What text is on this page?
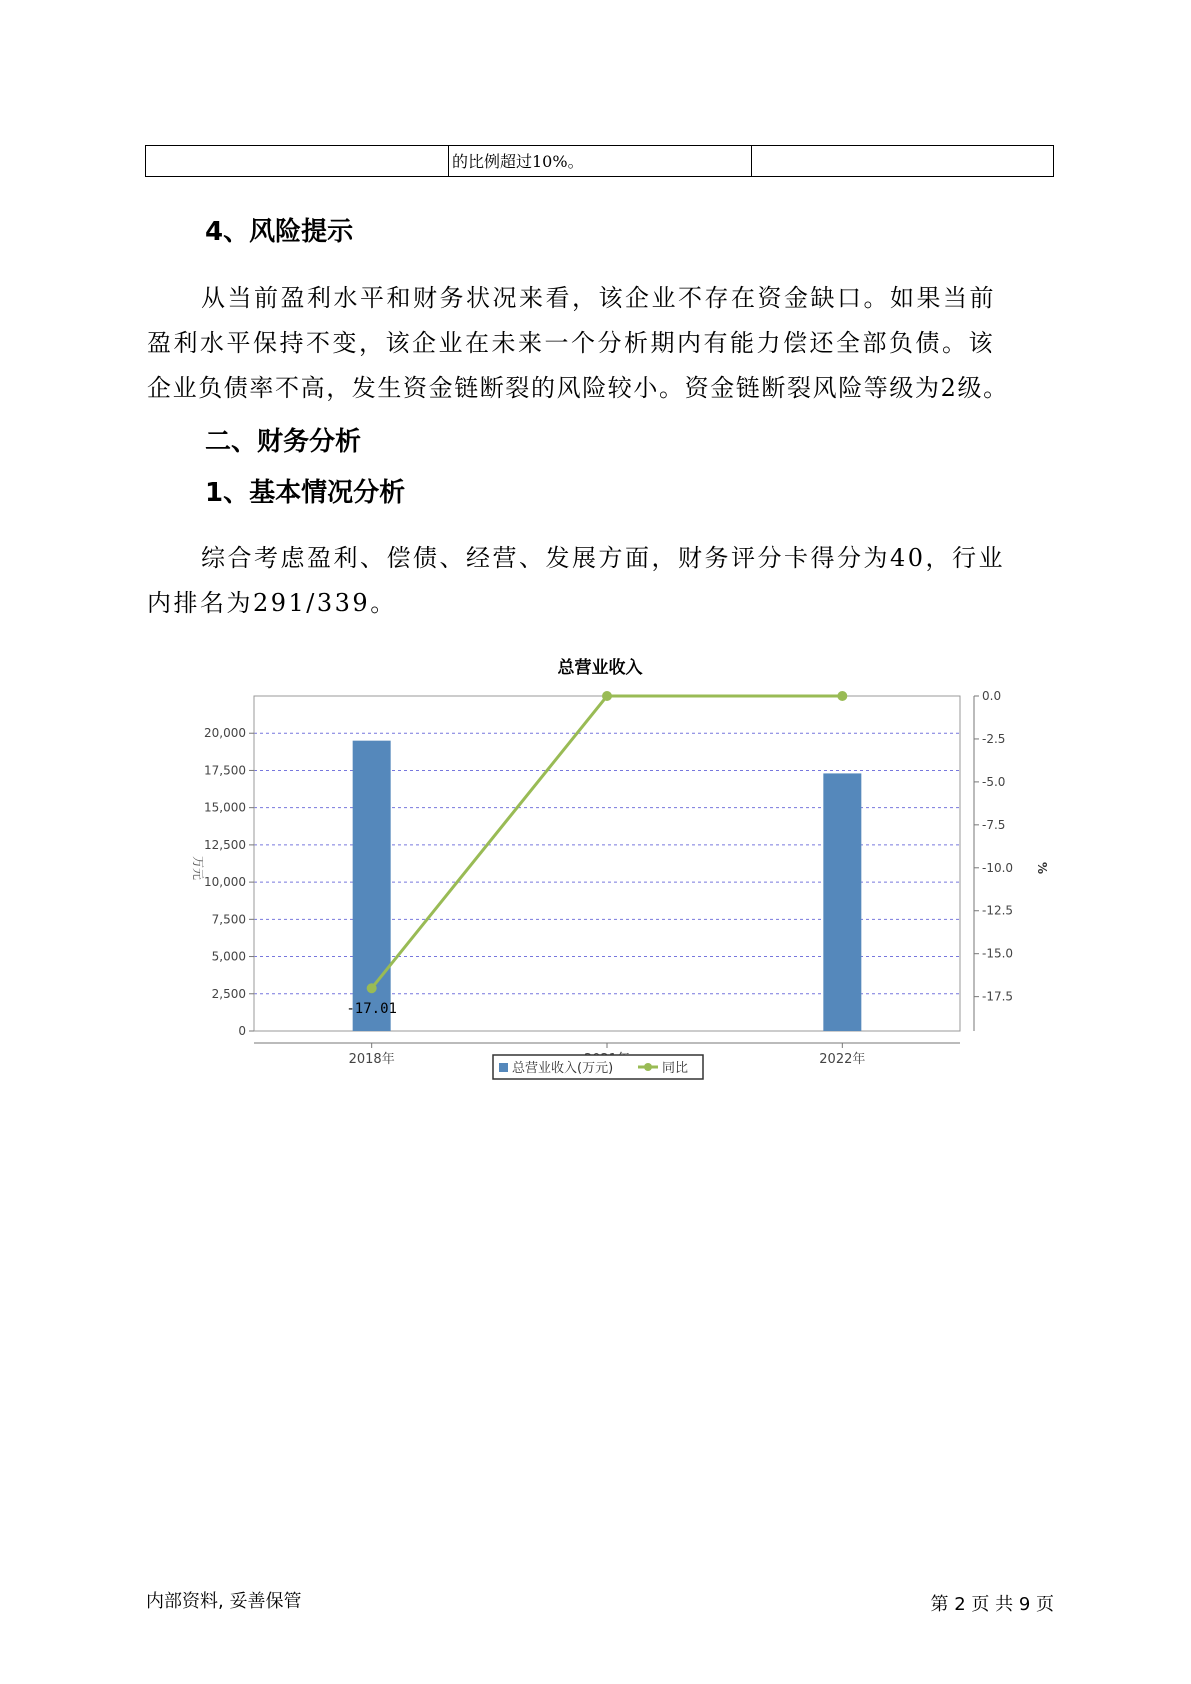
的比例超过10%。
4、风险提示
从当前盈利水平和财务状况来看，该企业不存在资金缺口。如果当前
盈利水平保持不变，该企业在未来一个分析期内有能力偿还全部负债。该
企业负债率不高，发生资金链断裂的风险较小。资金链断裂风险等级为2级。
二、财务分析
1、基本情况分析
综合考虑盈利、偿债、经营、发展方面，财务评分卡得分为40，行业
内排名为291/339。
总营业收入
0
2,500
5,000
7,500
10,000
12,500
15,000
17,500
20,000
0.0
-2.5
-5.0
-7.5
-10.0
-12.5
-15.0
-17.5
2018年	2022年
-17.01
万元	%
总营业收入(万元)	同比
内部资料, 妥善保管	第 2 页 共 9 页
